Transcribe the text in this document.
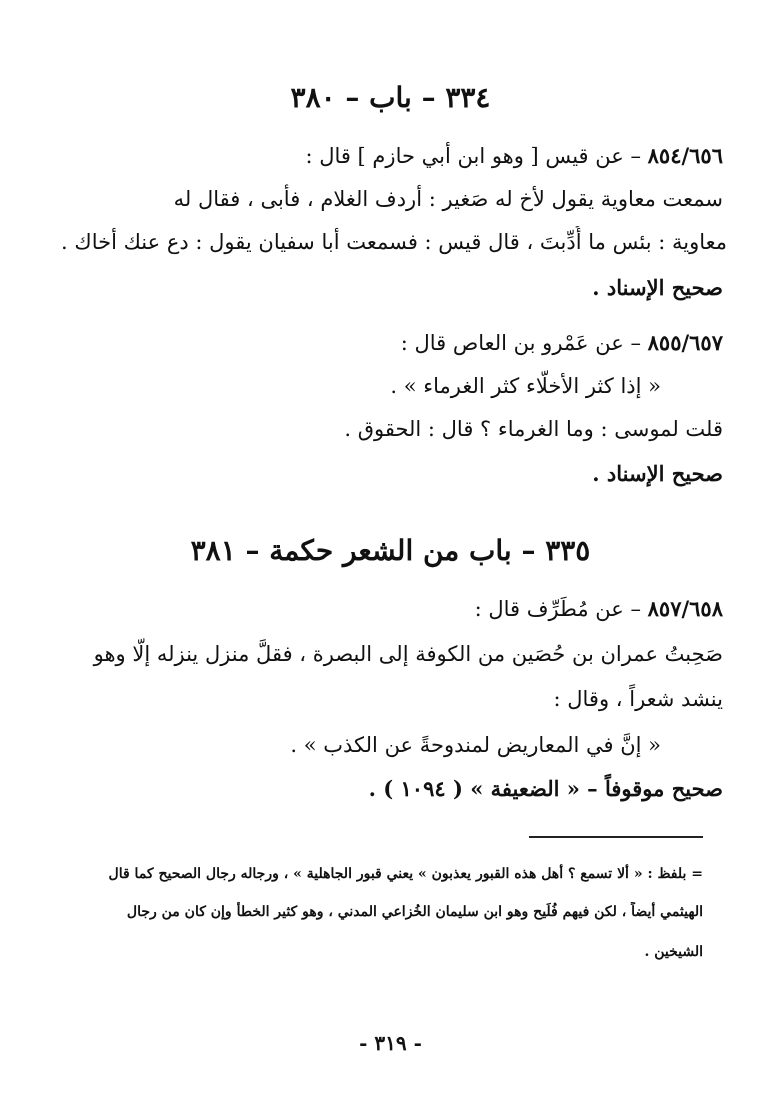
٣٣٤ – باب – ٣٨٠
٨٥٤/٦٥٦ – عن قيس [ وهو ابن أبي حازم ] قال :
سمعت معاوية يقول لأخ له صَغير : أردف الغلام ، فأبى ، فقال له
معاوية : بئس ما أُدِّبتَ ، قال قيس : فسمعت أبا سفيان يقول : دع عنك أخاك .
صحيح الإسناد .
٨٥٥/٦٥٧ – عن عَمْرو بن العاص قال :
« إذا كثر الأخلّاء كثر الغرماء » .
قلت لموسى : وما الغرماء ؟ قال : الحقوق .
صحيح الإسناد .
٣٣٥ – باب من الشعر حكمة – ٣٨١
٨٥٧/٦٥٨ – عن مُطَرِّف قال :
صَحِبتُ عمران بن حُصَين من الكوفة إلى البصرة ، فقلَّ منزل ينزله إلّا وهو
ينشد شعراً ، وقال :
« إنَّ في المعاريض لمندوحةً عن الكذب » .
صحيح موقوفاً – « الضعيفة » ( ١٠٩٤ ) .
= بلفظ : « ألا تسمع ؟ أهل هذه القبور يعذبون » يعني قبور الجاهلية » ، ورجاله رجال الصحيح كما قال
الهيثمي أيضاً ، لكن فيهم فُلَيح وهو ابن سليمان الخُزاعي المدني ، وهو كثير الخطأ وإن كان من رجال
الشيخين .
- ٣١٩ -
